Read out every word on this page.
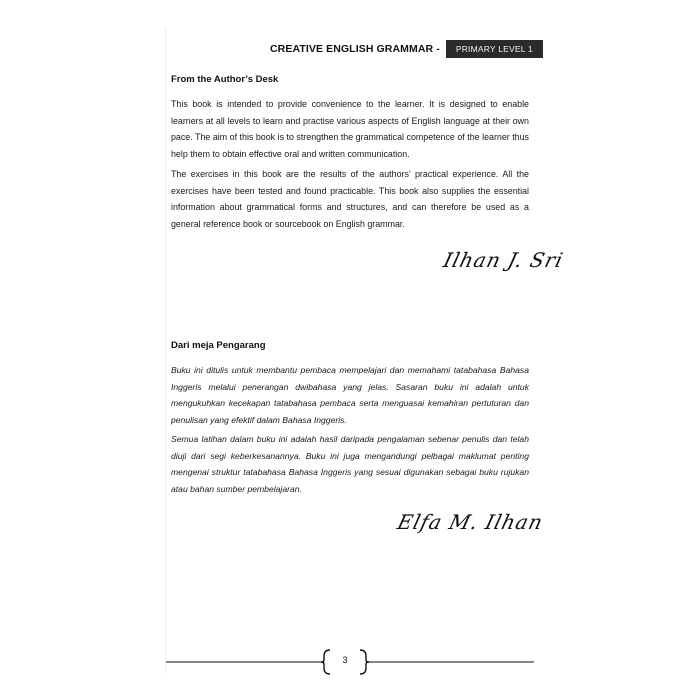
CREATIVE ENGLISH GRAMMAR -	PRIMARY LEVEL 1
From the Author’s Desk

This book is intended to provide convenience to the learner. It is designed to enable learners at all levels to learn and practise various aspects of English language at their own pace. The aim of this book is to strengthen the grammatical competence of the learner thus help them to obtain effective oral and written communication.

The exercises in this book are the results of the authors’ practical experience. All the exercises have been tested and found practicable. This book also supplies the essential information about grammatical forms and structures, and can therefore be used as a general reference book or sourcebook on English grammar.

Ilhan J. Sri
Dari meja Pengarang

Buku ini ditulis untuk membantu pembaca mempelajari dan memahami tatabahasa Bahasa Inggeris melalui penerangan dwibahasa yang jelas. Sasaran buku ini adalah untuk mengukuhkan kecekapan tatabahasa pembaca serta menguasai kemahiran pertuturan dan penulisan yang efektif dalam Bahasa Inggeris.

Semua latihan dalam buku ini adalah hasil daripada pengalaman sebenar penulis dan telah diuji dari segi keberkesanannya. Buku ini juga mengandungi pelbagai maklumat penting mengenai struktur tatabahasa Bahasa Inggeris yang sesuai digunakan sebagai buku rujukan atau bahan sumber pembelajaran.

Elfa M. Ilhan
3
